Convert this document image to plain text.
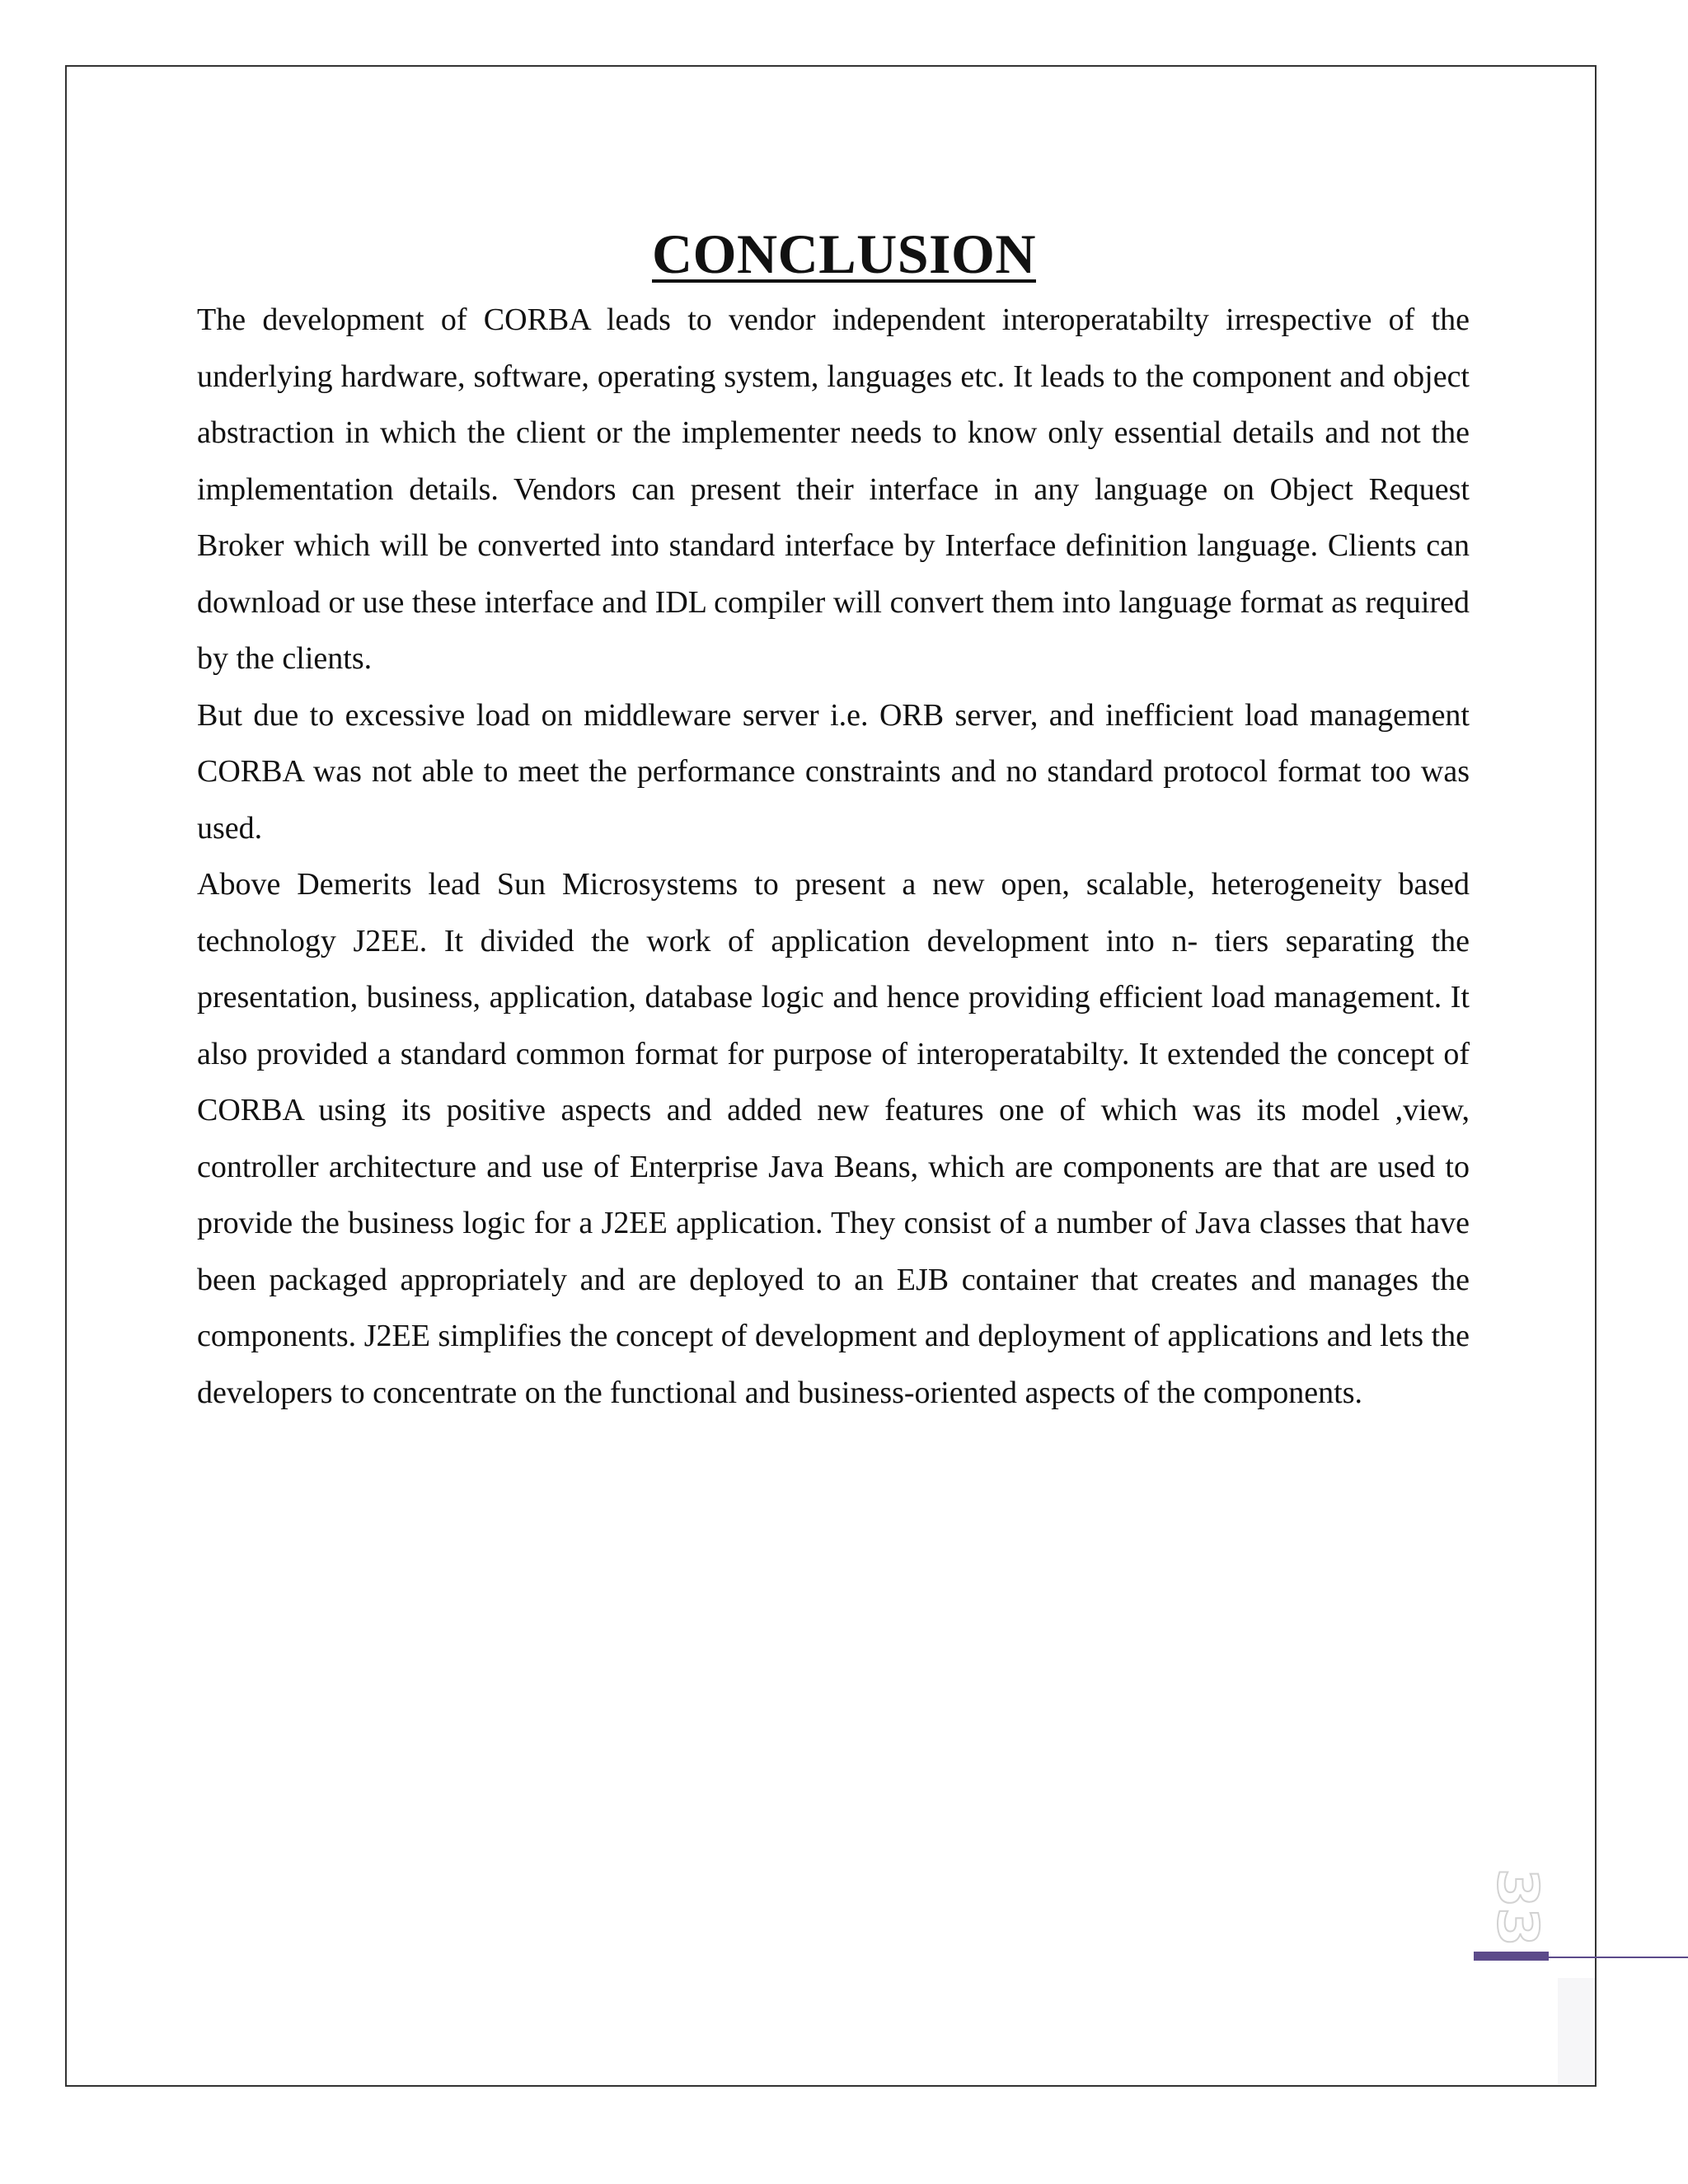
CONCLUSION

The development of CORBA leads to vendor independent interoperatabilty irrespective of the underlying hardware, software, operating system, languages etc. It leads to the component and object abstraction in which the client or the implementer needs to know only essential details and not the implementation details. Vendors can present their interface in any language on Object Request Broker which will be converted into standard interface by Interface definition language. Clients can download or use these interface and IDL compiler will convert them into language format as required by the clients.

But due to excessive load on middleware server i.e. ORB server, and inefficient load management CORBA was not able to meet the performance constraints and no standard protocol format too was used.

Above Demerits lead Sun Microsystems to present a new open, scalable, heterogeneity based technology J2EE. It divided the work of application development into n- tiers separating the presentation, business, application, database logic and hence providing efficient load management. It also provided a standard common format for purpose of interoperatabilty. It extended the concept of CORBA using its positive aspects and added new features one of which was its model ,view, controller architecture and use of Enterprise Java Beans, which are components are that are used to provide the business logic for a J2EE application. They consist of a number of Java classes that have been packaged appropriately and are deployed to an EJB container that creates and manages the components. J2EE simplifies the concept of development and deployment of applications and lets the developers to concentrate on the functional and business-oriented aspects of the components.

33
